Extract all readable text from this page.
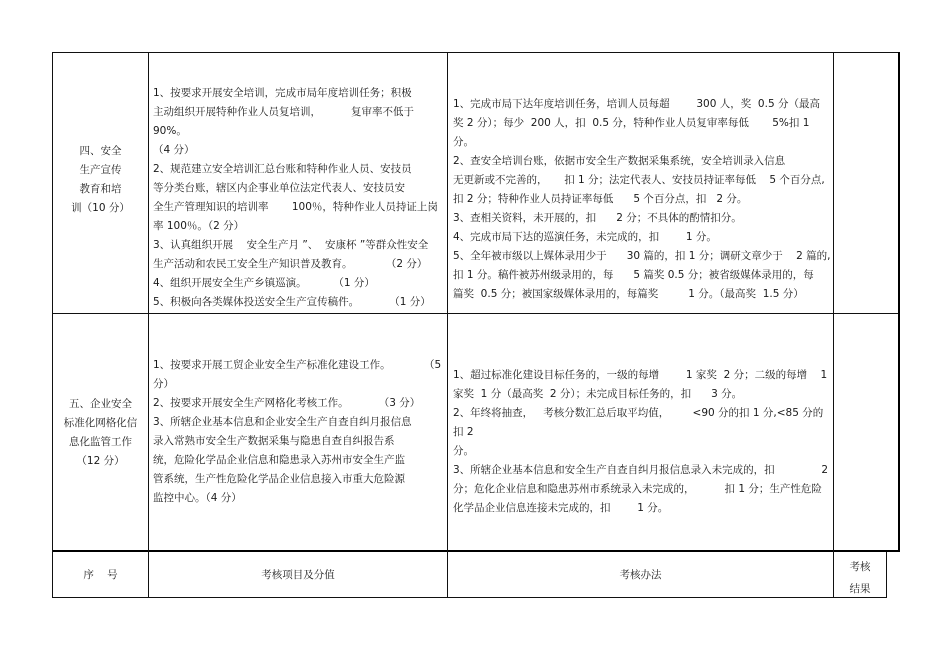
四、安全
生产宣传
教育和培
训（10 分）

1、按要求开展安全培训，完成市局年度培训任务；积极
主动组织开展特种作业人员复培训，         复审率不低于    90%。
（4 分）

2、规范建立安全培训汇总台账和特种作业人员、安技员
等分类台账，辖区内企事业单位法定代表人、安技员安
全生产管理知识的培训率       100％，特种作业人员持证上岗
率 100％。（2 分）

3、认真组织开展    安全生产月 ”、  安康杯 ”等群众性安全
生产活动和农民工安全生产知识普及教育。          （2 分）

4、组织开展安全生产乡镇巡演。        （1 分）

5、积极向各类媒体投送安全生产宣传稿件。         （1 分）

1、完成市局下达年度培训任务，培训人员每超        300 人，奖  0.5 分（最高
奖 2 分）；每少  200 人，扣  0.5 分，特种作业人员复审率每低       5%扣 1 分。

2、查安全培训台账，依据市安全生产数据采集系统，安全培训录入信息
无更新或不完善的，     扣 1 分；法定代表人、安技员持证率每低    5 个百分点,
扣 2 分；特种作业人员持证率每低      5 个百分点，扣   2 分。

3、查相关资料，未开展的，扣      2 分；不具体的酌情扣分。

4、完成市局下达的巡演任务，未完成的，扣        1 分。

5、全年被市级以上媒体录用少于      30 篇的，扣 1 分；调研文章少于    2 篇的,
扣 1 分。稿件被苏州级录用的，每      5 篇奖 0.5 分；被省级媒体录用的，每
篇奖  0.5 分；被国家级媒体录用的，每篇奖         1 分。（最高奖  1.5 分）

五、企业安全
标准化网格化信
息化监管工作
（12 分）

1、按要求开展工贸企业安全生产标准化建设工作。          （5
分）

2、按要求开展安全生产网格化考核工作。         （3 分）

3、所辖企业基本信息和企业安全生产自查自纠月报信息
录入常熟市安全生产数据采集与隐患自查自纠报告系
统，危险化学品企业信息和隐患录入苏州市安全生产监
管系统，生产性危险化学品企业信息接入市重大危险源
监控中心。（4 分）

1、超过标准化建设目标任务的，一级的每增        1 家奖  2 分；二级的每增    1
家奖  1 分（最高奖  2 分）；未完成目标任务的，扣      3 分。

2、年终将抽查，   考核分数汇总后取平均值，       <90 分的扣 1 分,<85 分的扣 2
分。

3、所辖企业基本信息和安全生产自查自纠月报信息录入未完成的，扣              2
分；危化企业信息和隐患苏州市系统录入未完成的，         扣 1 分；生产性危险
化学品企业信息连接未完成的，扣        1 分。

序    号	考核项目及分值	考核办法

考核
结果
